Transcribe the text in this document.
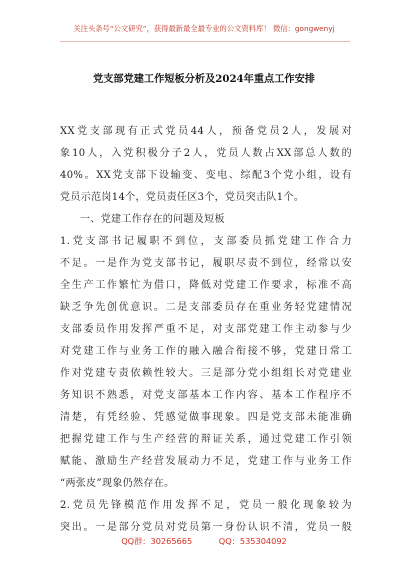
关注头条号“公文研究”，获得最新最全最专业的公文资料库！ 微信：gongwenyj
党支部党建工作短板分析及2024年重点工作安排
XX党支部现有正式党员44人，预备党员2人，发展对
象10人，入党积极分子2人，党员人数占XX部总人数的
40%。XX党支部下设输变、变电、综配3个党小组，设有
党员示范岗14个，党员责任区3个，党员突击队1个。
一、党建工作存在的问题及短板
1.党支部书记履职不到位，支部委员抓党建工作合力
不足。一是作为党支部书记，履职尽责不到位，经常以安
全生产工作繁忙为借口，降低对党建工作要求，标准不高
缺乏争先创优意识。二是支部委员存在重业务轻党建情况
支部委员作用发挥严重不足，对支部党建工作主动参与少
对党建工作与业务工作的融入融合衔接不够，党建日常工
作对党建专责依赖性较大。三是部分党小组组长对党建业
务知识不熟悉，对党支部基本工作内容、基本工作程序不
清楚，有凭经验、凭感觉做事现象。四是党支部未能准确
把握党建工作与生产经营的辩证关系，通过党建工作引领
赋能、激励生产经营发展动力不足，党建工作与业务工作
“两张皮”现象仍然存在。
2.党员先锋模范作用发挥不足，党员一般化现象较为
突出。一是部分党员对党员第一身份认识不清，党员一般
QQ群：30265665	QQ：535304092
